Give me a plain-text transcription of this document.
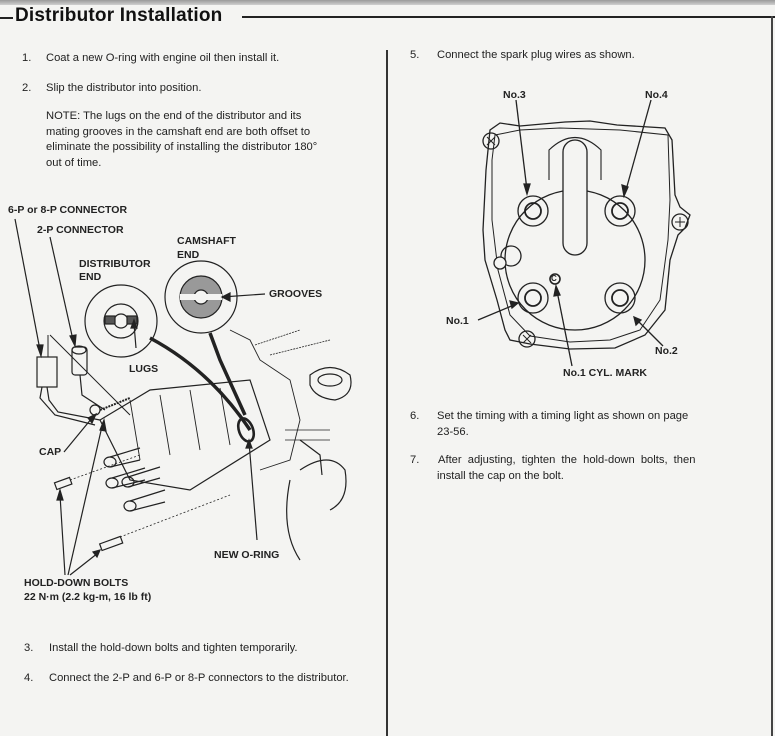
Distributor Installation
1. Coat a new O-ring with engine oil then install it.
2. Slip the distributor into position.
NOTE: The lugs on the end of the distributor and its
mating grooves in the camshaft end are both offset to
eliminate the possibility of installing the distributor 180°
out of time.
6-P or 8-P CONNECTOR
2-P CONNECTOR
CAMSHAFT
END
DISTRIBUTOR
END
GROOVES
LUGS
CAP
NEW O-RING
HOLD-DOWN BOLTS
22 N·m (2.2 kg-m, 16 lb ft)
3. Install the hold-down bolts and tighten temporarily.
4. Connect the 2-P and 6-P or 8-P connectors to the distributor.
5. Connect the spark plug wires as shown.
No.3	No.4
No.1
No.2
No.1 CYL. MARK
C
6. Set the timing with a timing light as shown on page
23-56.
7. After adjusting, tighten the hold-down bolts, then
install the cap on the bolt.
